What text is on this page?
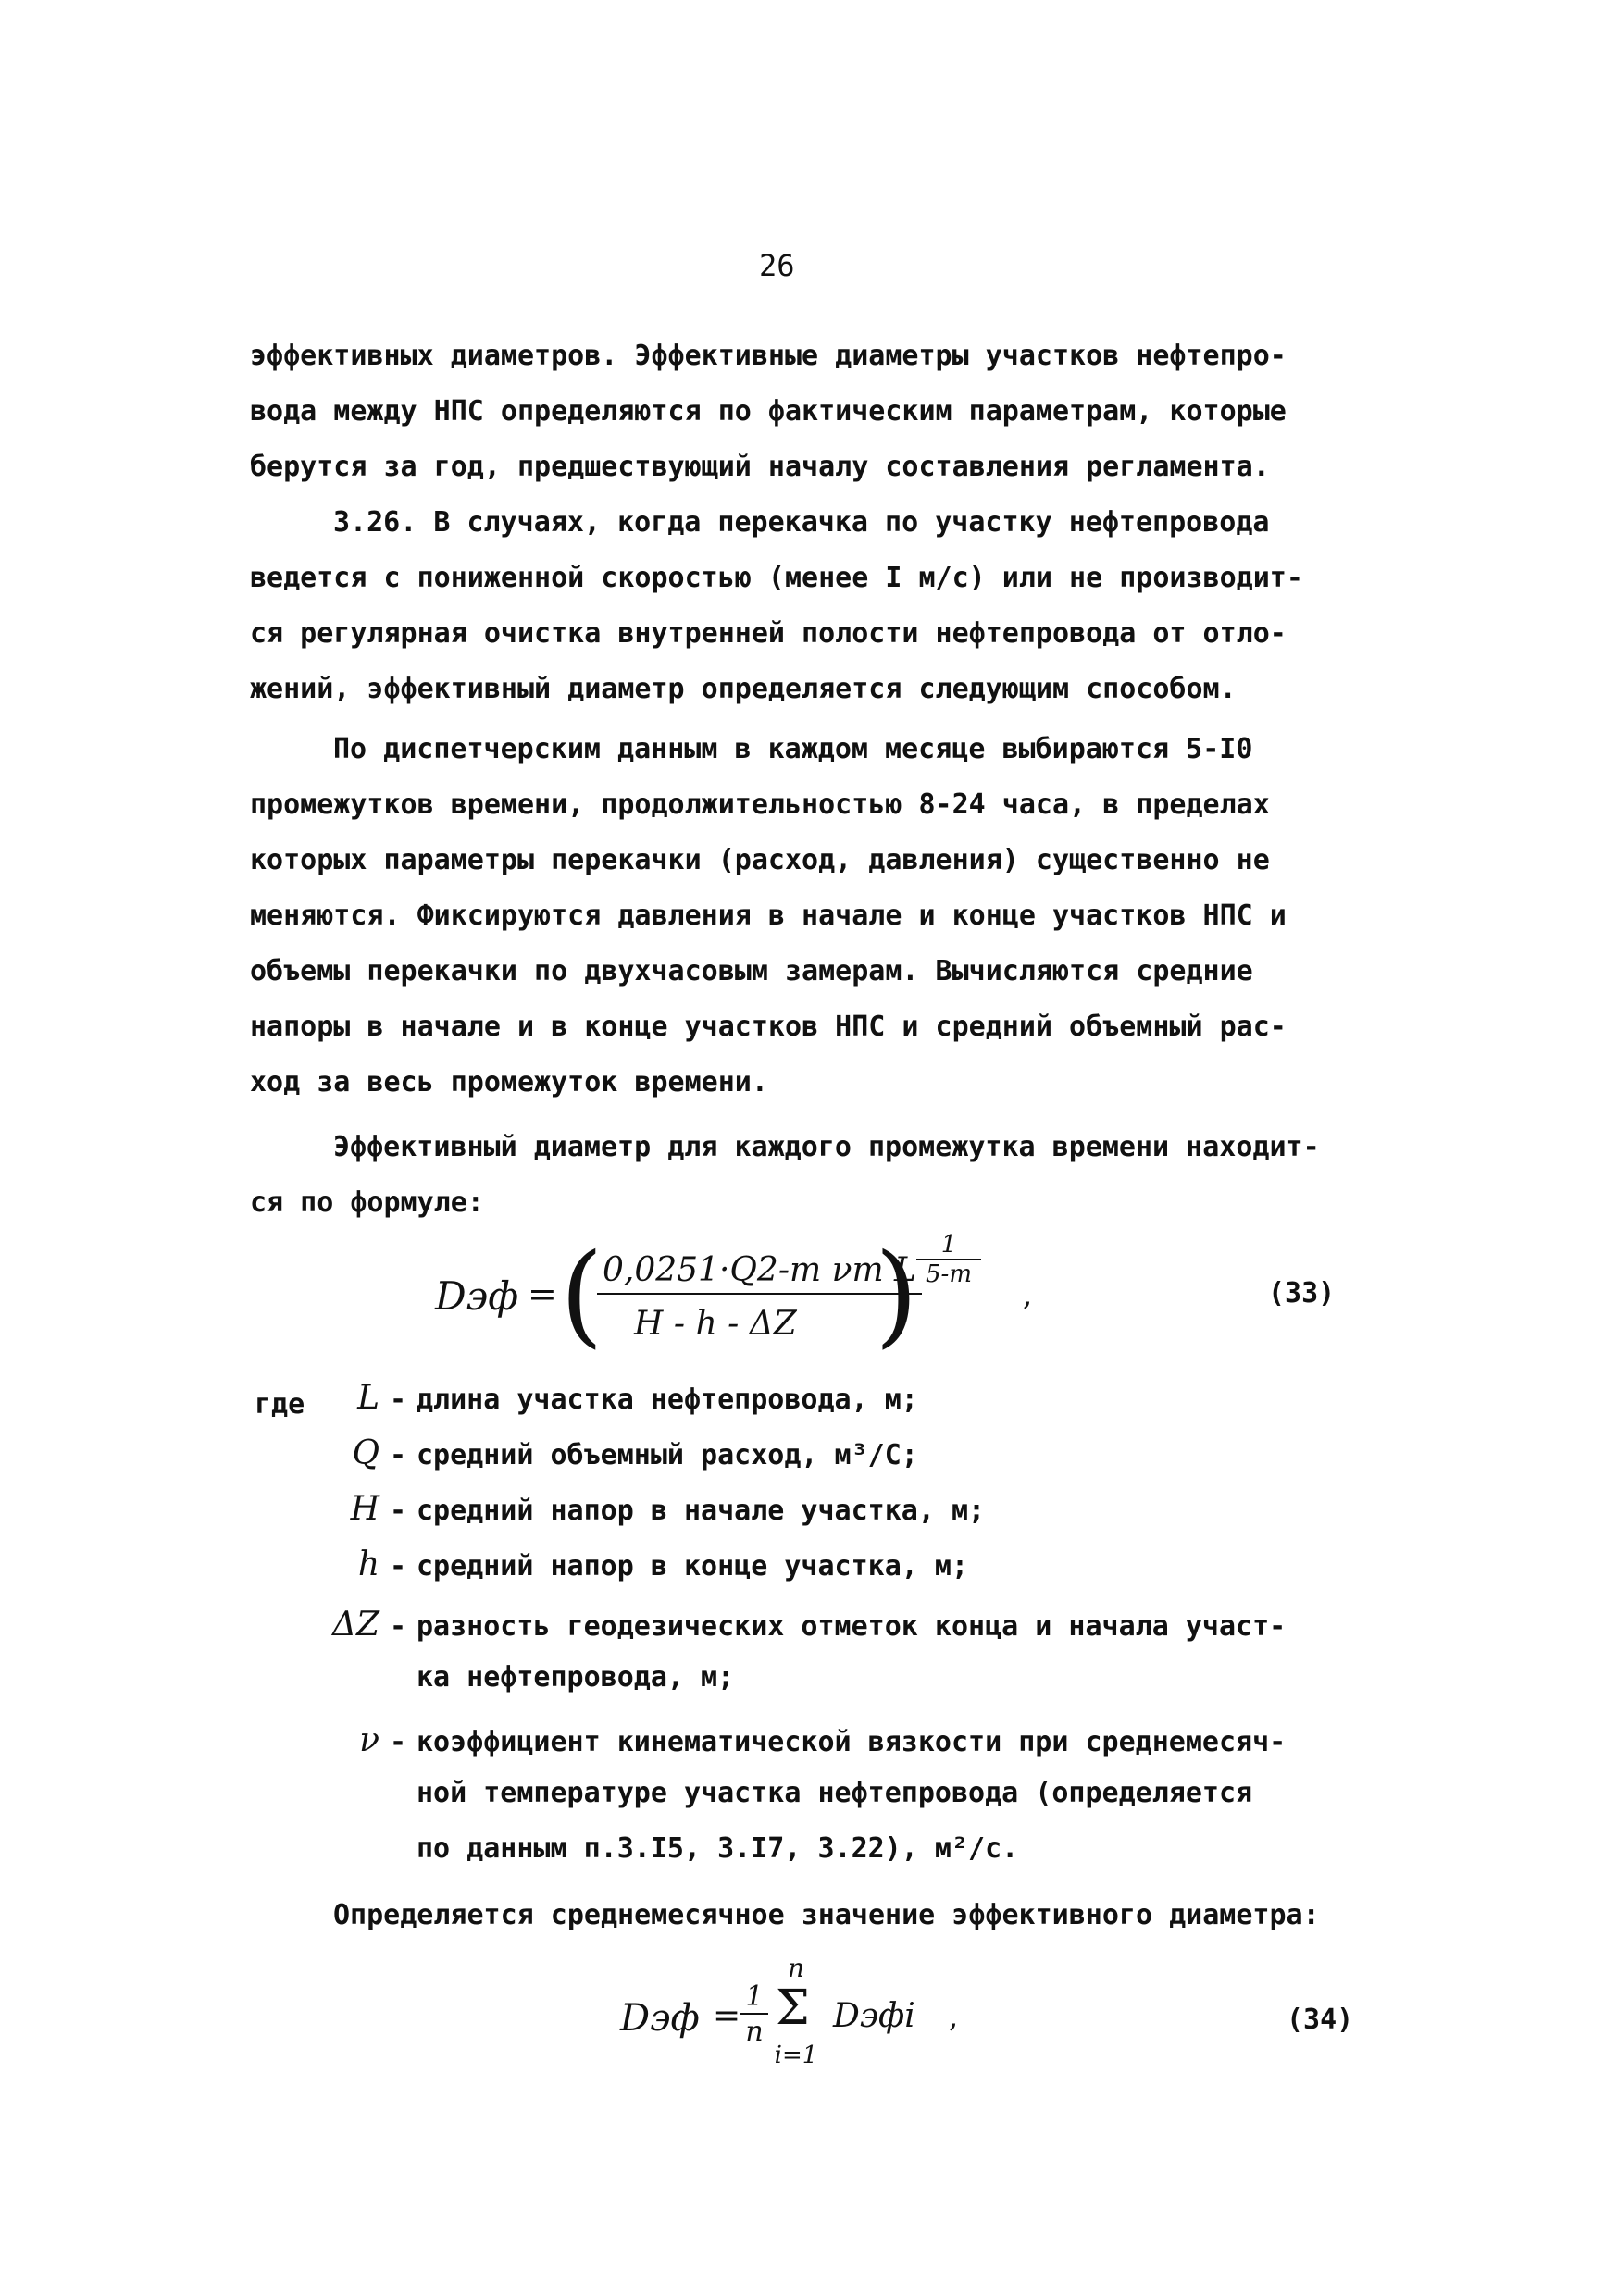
26
эффективных диаметров. Эффективные диаметры участков нефтепро-
вода между НПС определяются по фактическим параметрам, которые
берутся за год, предшествующий началу составления регламента.
3.26. В случаях, когда перекачка по участку нефтепровода
ведется с пониженной скоростью (менее I м/с) или не производит-
ся регулярная очистка внутренней полости нефтепровода от отло-
жений, эффективный диаметр определяется следующим способом.
По диспетчерским данным в каждом месяце выбираются 5-I0
промежутков времени, продолжительностью 8-24 часа, в пределах
которых параметры перекачки (расход, давления) существенно не
меняются. Фиксируются давления в начале и конце участков НПС и
объемы перекачки по двухчасовым замерам. Вычисляются средние
напоры в начале и в конце участков НПС и средний объемный рас-
ход за весь промежуток времени.
Эффективный диаметр для каждого промежутка времени находит-
ся по формуле:
Dэф = ( 0,0251·Q2-m νm L
H - h - ΔZ ) 1
5-m
,	(33)
где	L - длина участка нефтепровода, м;
Q - средний объемный расход, м³/С;
H - средний напор в начале участка, м;
h - средний напор в конце участка, м;
ΔZ - разность геодезических отметок конца и начала участ-
ка нефтепровода, м;
ν - коэффициент кинематической вязкости при среднемесяч-
ной температуре участка нефтепровода (определяется
по данным п.3.I5, 3.I7, 3.22), м²/с.
Определяется среднемесячное значение эффективного диаметра:
Dэф =
1
n
n
Σ
i=1
Dэфi ,	(34)
